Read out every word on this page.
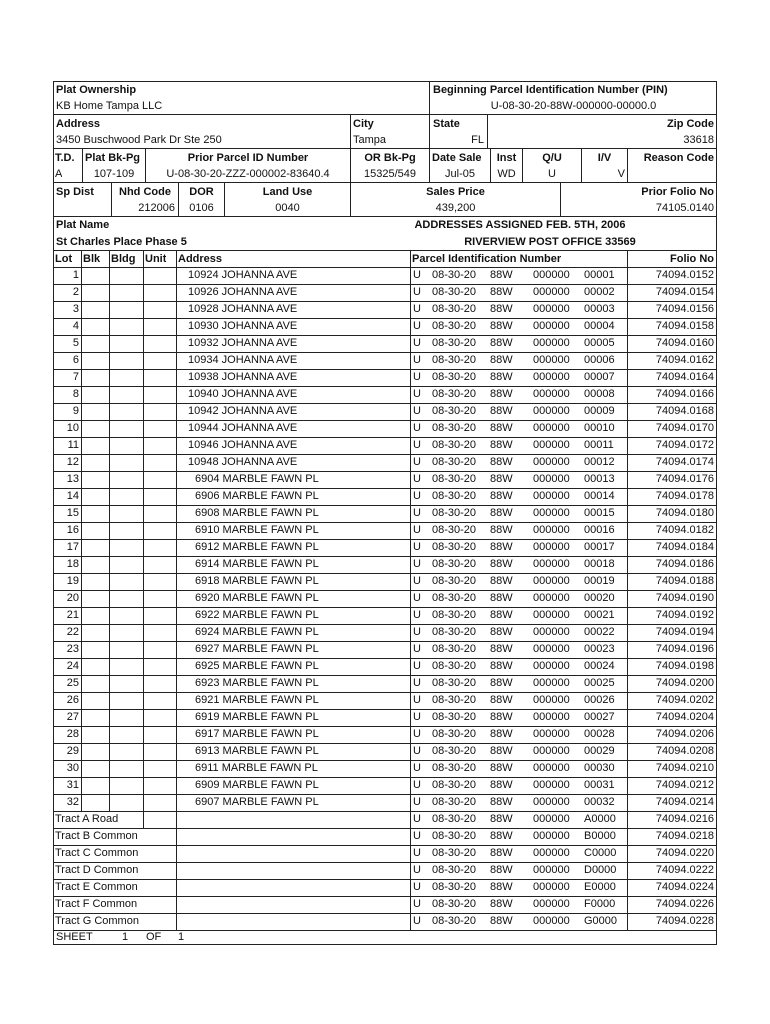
Plat Ownership
KB Home Tampa LLC
Beginning Parcel Identification Number (PIN)
U-08-30-20-88W-000000-00000.0
Address
3450 Buschwood Park Dr Ste 250
City
Tampa
State
FL
Zip Code
33618
T.D.
A
Plat Bk-Pg
107-109
Prior Parcel ID Number
U-08-30-20-ZZZ-000002-83640.4
OR Bk-Pg
15325/549
Date Sale
Jul-05
Inst
WD
Q/U
U
I/V
V
Reason Code
Sp Dist	Nhd Code
212006
DOR
0106
Land Use
0040
Sales Price
439,200
Prior Folio No
74105.0140
Plat Name
St Charles Place Phase 5
ADDRESSES ASSIGNED FEB. 5TH, 2006
RIVERVIEW POST OFFICE 33569
Lot Blk Bldg Unit Address	Parcel Identification Number	Folio No
1	10924 JOHANNA AVE	U 08-30-20 88W 000000 00001	74094.0152
2	10926 JOHANNA AVE	U 08-30-20 88W 000000 00002	74094.0154
3	10928 JOHANNA AVE	U 08-30-20 88W 000000 00003	74094.0156
4	10930 JOHANNA AVE	U 08-30-20 88W 000000 00004	74094.0158
5	10932 JOHANNA AVE	U 08-30-20 88W 000000 00005	74094.0160
6	10934 JOHANNA AVE	U 08-30-20 88W 000000 00006	74094.0162
7	10938 JOHANNA AVE	U 08-30-20 88W 000000 00007	74094.0164
8	10940 JOHANNA AVE	U 08-30-20 88W 000000 00008	74094.0166
9	10942 JOHANNA AVE	U 08-30-20 88W 000000 00009	74094.0168
10	10944 JOHANNA AVE	U 08-30-20 88W 000000 00010	74094.0170
11	10946 JOHANNA AVE	U 08-30-20 88W 000000 00011	74094.0172
12	10948 JOHANNA AVE	U 08-30-20 88W 000000 00012	74094.0174
13	6904 MARBLE FAWN PL	U 08-30-20 88W 000000 00013	74094.0176
14	6906 MARBLE FAWN PL	U 08-30-20 88W 000000 00014	74094.0178
15	6908 MARBLE FAWN PL	U 08-30-20 88W 000000 00015	74094.0180
16	6910 MARBLE FAWN PL	U 08-30-20 88W 000000 00016	74094.0182
17	6912 MARBLE FAWN PL	U 08-30-20 88W 000000 00017	74094.0184
18	6914 MARBLE FAWN PL	U 08-30-20 88W 000000 00018	74094.0186
19	6918 MARBLE FAWN PL	U 08-30-20 88W 000000 00019	74094.0188
20	6920 MARBLE FAWN PL	U 08-30-20 88W 000000 00020	74094.0190
21	6922 MARBLE FAWN PL	U 08-30-20 88W 000000 00021	74094.0192
22	6924 MARBLE FAWN PL	U 08-30-20 88W 000000 00022	74094.0194
23	6927 MARBLE FAWN PL	U 08-30-20 88W 000000 00023	74094.0196
24	6925 MARBLE FAWN PL	U 08-30-20 88W 000000 00024	74094.0198
25	6923 MARBLE FAWN PL	U 08-30-20 88W 000000 00025	74094.0200
26	6921 MARBLE FAWN PL	U 08-30-20 88W 000000 00026	74094.0202
27	6919 MARBLE FAWN PL	U 08-30-20 88W 000000 00027	74094.0204
28	6917 MARBLE FAWN PL	U 08-30-20 88W 000000 00028	74094.0206
29	6913 MARBLE FAWN PL	U 08-30-20 88W 000000 00029	74094.0208
30	6911 MARBLE FAWN PL	U 08-30-20 88W 000000 00030	74094.0210
31	6909 MARBLE FAWN PL	U 08-30-20 88W 000000 00031	74094.0212
32	6907 MARBLE FAWN PL	U 08-30-20 88W 000000 00032	74094.0214
Tract A Road	U 08-30-20 88W 000000 A0000	74094.0216
Tract B Common	U 08-30-20 88W 000000 B0000	74094.0218
Tract C Common	U 08-30-20 88W 000000 C0000	74094.0220
Tract D Common	U 08-30-20 88W 000000 D0000	74094.0222
Tract E Common	U 08-30-20 88W 000000 E0000	74094.0224
Tract F Common	U 08-30-20 88W 000000 F0000	74094.0226
Tract G Common	U 08-30-20 88W 000000 G0000	74094.0228
SHEET	1 OF 1
